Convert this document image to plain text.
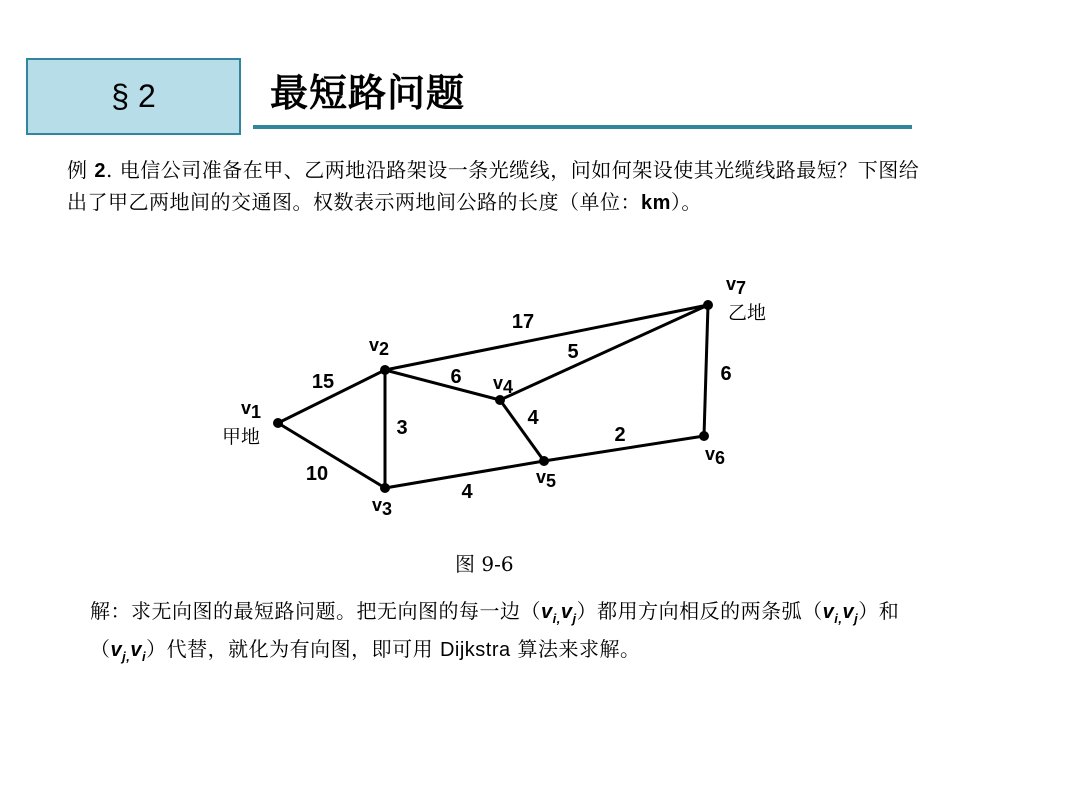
§ 2	最短路问题
例 2. 电信公司准备在甲、乙两地沿路架设一条光缆线，问如何架设使其光缆线路最短？下图给出了甲乙两地间的交通图。权数表示两地间公路的长度（单位：km）。
15
10
3
6
17
4
4
5
2
6
v1
甲地
v2
v3
v4
v5
v6
v7
乙地
图 9-6
解：求无向图的最短路问题。把无向图的每一边$(v_{i,}v_j)$都用方向相反的两条弧$(v_{i,}v_j)$和$(v_{j,}v_i)$代替，就化为有向图，即可用 Dijkstra 算法来求解。
